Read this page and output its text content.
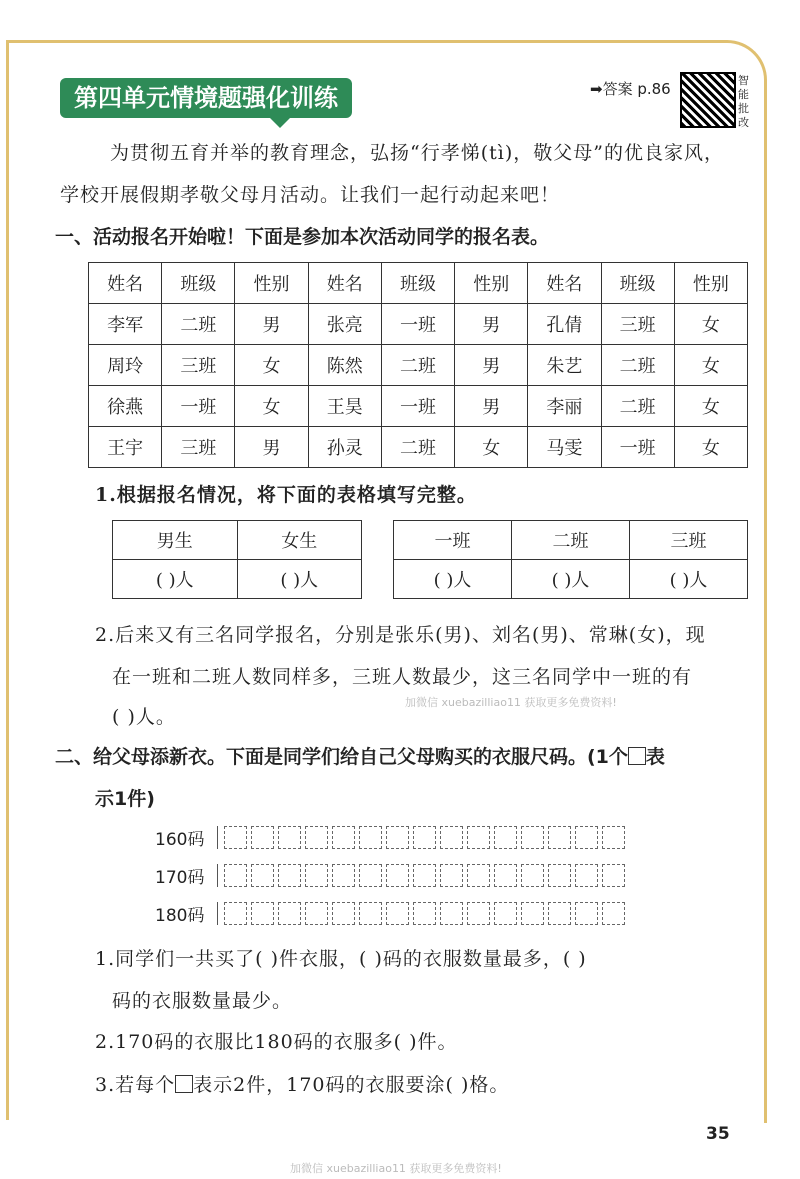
第四单元情境题强化训练	➡答案 p.86	智能批改
为贯彻五育并举的教育理念，弘扬“行孝悌(tì)，敬父母”的优良家风，
学校开展假期孝敬父母月活动。让我们一起行动起来吧！
一、活动报名开始啦！下面是参加本次活动同学的报名表。
姓名	班级	性别	姓名	班级	性别	姓名	班级	性别
李军	二班	男	张亮	一班	男	孔倩	三班	女
周玲	三班	女	陈然	二班	男	朱艺	二班	女
徐燕	一班	女	王昊	一班	男	李丽	二班	女
王宇	三班	男	孙灵	二班	女	马雯	一班	女
1.根据报名情况，将下面的表格填写完整。
男生	女生
( )人	( )人
一班	二班	三班
( )人	( )人	( )人
2.后来又有三名同学报名，分别是张乐(男)、刘名(男)、常琳(女)，现
在一班和二班人数同样多，三班人数最少，这三名同学中一班的有
( )人。
加微信 xuebazilliao11 获取更多免费资料!
二、给父母添新衣。下面是同学们给自己父母购买的衣服尺码。(1个 表
示1件)
160码
170码
180码
1.同学们一共买了( )件衣服，( )码的衣服数量最多，( )
码的衣服数量最少。
2.170码的衣服比180码的衣服多( )件。
3.若每个 表示2件，170码的衣服要涂( )格。
35
加微信 xuebazilliao11 获取更多免费资料!
